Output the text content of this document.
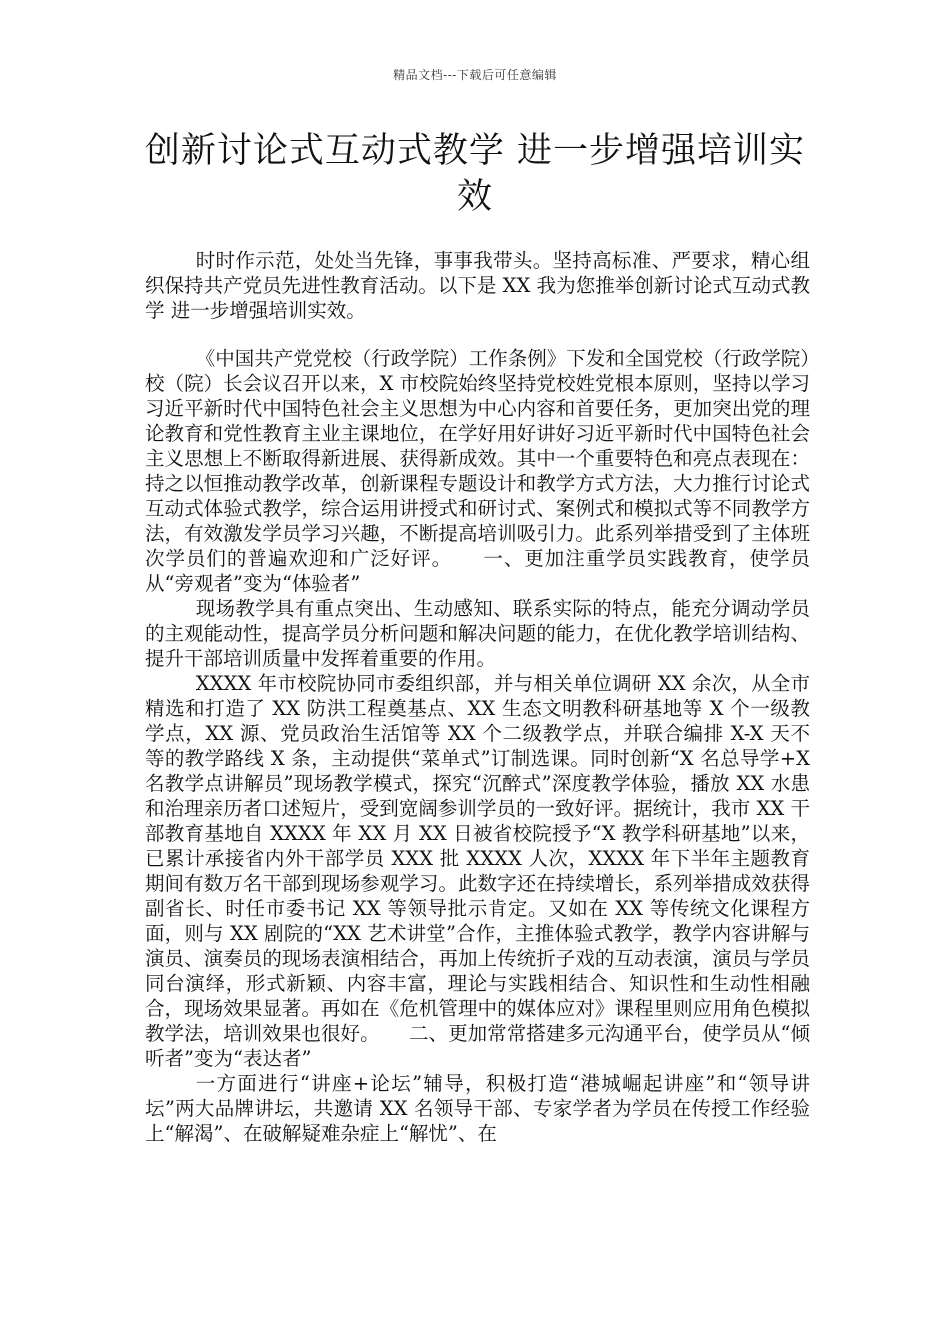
精品文档---下载后可任意编辑
创新讨论式互动式教学 进一步增强培训实效

时时作示范，处处当先锋，事事我带头。坚持高标准、严要求，精心组织保持共产党员先进性教育活动。以下是 XX 我为您推举创新讨论式互动式教学 进一步增强培训实效。

《中国共产党党校（行政学院）工作条例》下发和全国党校（行政学院）校（院）长会议召开以来，X 市校院始终坚持党校姓党根本原则，坚持以学习习近平新时代中国特色社会主义思想为中心内容和首要任务，更加突出党的理论教育和党性教育主业主课地位，在学好用好讲好习近平新时代中国特色社会主义思想上不断取得新进展、获得新成效。其中一个重要特色和亮点表现在：持之以恒推动教学改革，创新课程专题设计和教学方式方法，大力推行讨论式互动式体验式教学，综合运用讲授式和研讨式、案例式和模拟式等不同教学方法，有效激发学员学习兴趣，不断提高培训吸引力。此系列举措受到了主体班次学员们的普遍欢迎和广泛好评。　　一、更加注重学员实践教育，使学员从“旁观者”变为“体验者”

现场教学具有重点突出、生动感知、联系实际的特点，能充分调动学员的主观能动性，提高学员分析问题和解决问题的能力，在优化教学培训结构、提升干部培训质量中发挥着重要的作用。

XXXX 年市校院协同市委组织部，并与相关单位调研 XX 余次，从全市精选和打造了 XX 防洪工程奠基点、XX 生态文明教科研基地等 X 个一级教学点，XX 源、党员政治生活馆等 XX 个二级教学点，并联合编排 X-X 天不等的教学路线 X 条，主动提供“菜单式”订制选课。同时创新“X 名总导学+X 名教学点讲解员”现场教学模式，探究“沉醉式”深度教学体验，播放 XX 水患和治理亲历者口述短片，受到宽阔参训学员的一致好评。据统计，我市 XX 干部教育基地自 XXXX 年 XX 月 XX 日被省校院授予“X 教学科研基地”以来，已累计承接省内外干部学员 XXX 批 XXXX 人次，XXXX 年下半年主题教育期间有数万名干部到现场参观学习。此数字还在持续增长，系列举措成效获得副省长、时任市委书记 XX 等领导批示肯定。又如在 XX 等传统文化课程方面，则与 XX 剧院的“XX 艺术讲堂”合作，主推体验式教学，教学内容讲解与演员、演奏员的现场表演相结合，再加上传统折子戏的互动表演，演员与学员同台演绎，形式新颖、内容丰富，理论与实践相结合、知识性和生动性相融合，现场效果显著。再如在《危机管理中的媒体应对》课程里则应用角色模拟教学法，培训效果也很好。　　二、更加常常搭建多元沟通平台，使学员从“倾听者”变为“表达者”

一方面进行“讲座+论坛”辅导，积极打造“港城崛起讲座”和“领导讲坛”两大品牌讲坛，共邀请 XX 名领导干部、专家学者为学员在传授工作经验上“解渴”、在破解疑难杂症上“解忧”、在
